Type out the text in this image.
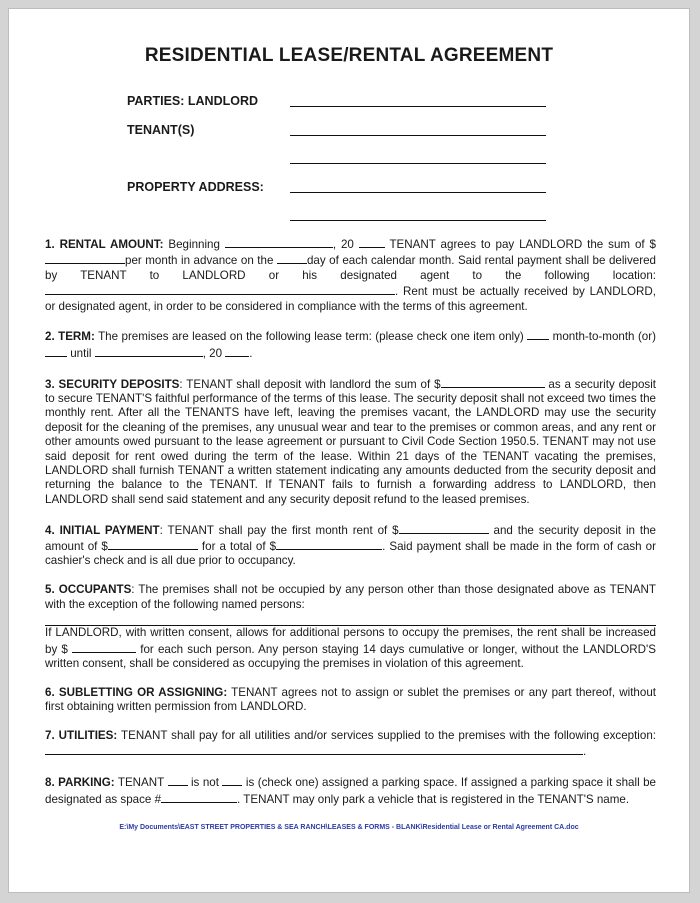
RESIDENTIAL LEASE/RENTAL AGREEMENT
PARTIES: LANDLORD
TENANT(S)
PROPERTY ADDRESS:

1. RENTAL AMOUNT: Beginning	, 20  TENANT agrees to pay LANDLORD the sum of $per month in advance on the	day of each calendar month. Said rental payment shall be delivered by TENANT to LANDLORD or his designated agent to the following location: . Rent must be actually received by LANDLORD, or designated agent, in order to be considered in compliance with the terms of this agreement.

2. TERM: The premises are leased on the following lease term: (please check one item only)  month-to-month (or)  until	, 20 .

3. SECURITY DEPOSITS: TENANT shall deposit with landlord the sum of $	as a security deposit to secure TENANT'S faithful performance of the terms of this lease. The security deposit shall not exceed two times the monthly rent. After all the TENANTS have left, leaving the premises vacant, the LANDLORD may use the security deposit for the cleaning of the premises, any unusual wear and tear to the premises or common areas, and any rent or other amounts owed pursuant to the lease agreement or pursuant to Civil Code Section 1950.5. TENANT may not use said deposit for rent owed during the term of the lease. Within 21 days of the TENANT vacating the premises, LANDLORD shall furnish TENANT a written statement indicating any amounts deducted from the security deposit and returning the balance to the TENANT. If TENANT fails to furnish a forwarding address to LANDLORD, then LANDLORD shall send said statement and any security deposit refund to the leased premises.

4. INITIAL PAYMENT: TENANT shall pay the first month rent of $	and the security deposit in the amount of $	for a total of $	. Said payment shall be made in the form of cash or cashier's check and is all due prior to occupancy.

5. OCCUPANTS: The premises shall not be occupied by any person other than those designated above as TENANT with the exception of the following named persons:
If LANDLORD, with written consent, allows for additional persons to occupy the premises, the rent shall be increased by $	for each such person. Any person staying 14 days cumulative or longer, without the LANDLORD'S written consent, shall be considered as occupying the premises in violation of this agreement.

6. SUBLETTING OR ASSIGNING: TENANT agrees not to assign or sublet the premises or any part thereof, without first obtaining written permission from LANDLORD.

7. UTILITIES: TENANT shall pay for all utilities and/or services supplied to the premises with the following exception: .

8. PARKING: TENANT  is not  is (check one) assigned a parking space. If assigned a parking space it shall be designated as space #	. TENANT may only park a vehicle that is registered in the TENANT'S name.

E:\My Documents\EAST STREET PROPERTIES & SEA RANCH\LEASES & FORMS - BLANK\Residential Lease or Rental Agreement CA.doc
